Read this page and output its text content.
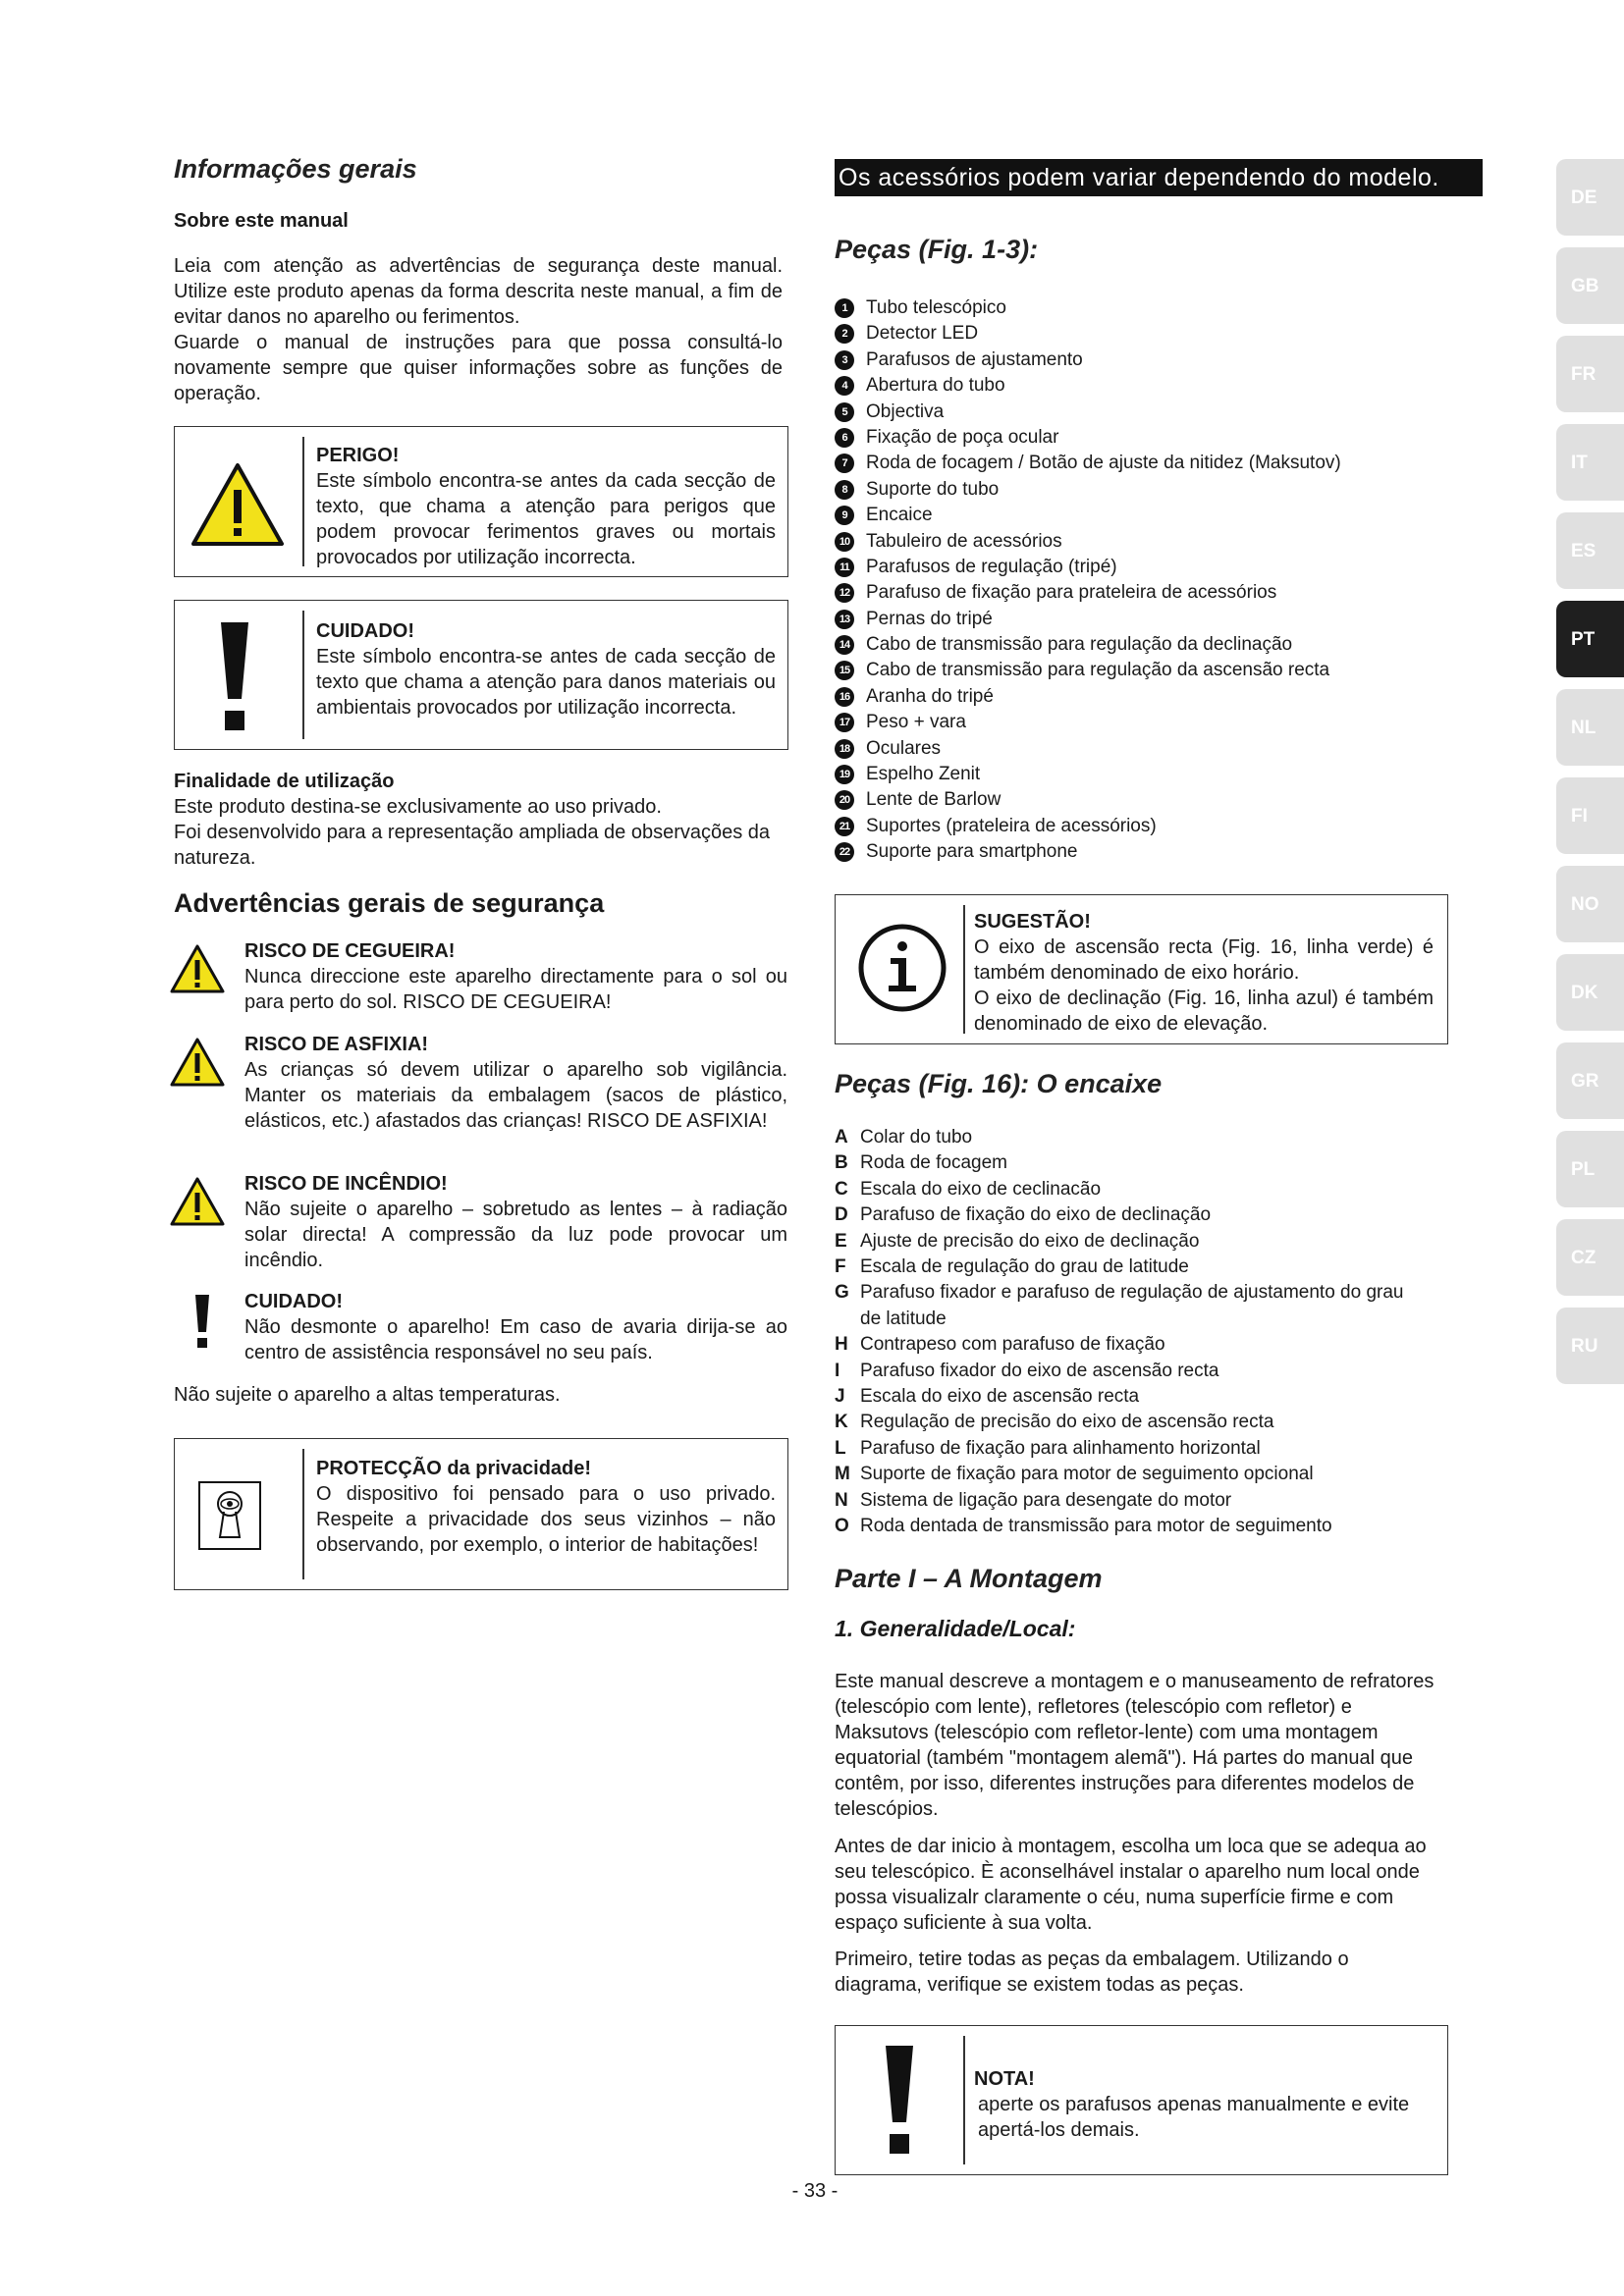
Informações gerais
Sobre este manual

Leia com atenção as advertências de segurança deste manual. Utilize este produto apenas da forma descrita neste manual, a fim de evitar danos no aparelho ou ferimentos.

Guarde o manual de instruções para que possa consultá-lo novamente sempre que quiser informações sobre as funções de operação.

PERIGO!
Este símbolo encontra-se antes da cada secção de texto, que chama a atenção para perigos que podem provocar ferimentos graves ou mortais provocados por utilização incorrecta.
CUIDADO!
Este símbolo encontra-se antes de cada secção de texto que chama a atenção para danos materiais ou ambientais provocados por utilização incorrecta.
Finalidade de utilização

Este produto destina-se exclusivamente ao uso privado.

Foi desenvolvido para a representação ampliada de observações da natureza.

Advertências gerais de segurança
RISCO DE CEGUEIRA!
Nunca direccione este aparelho directamente para o sol ou para perto do sol. RISCO DE CEGUEIRA!
RISCO DE ASFIXIA!
As crianças só devem utilizar o aparelho sob vigilância. Manter os materiais da embalagem (sacos de plástico, elásticos, etc.) afastados das crianças! RISCO DE ASFIXIA!
RISCO DE INCÊNDIO!
Não sujeite o aparelho – sobretudo as lentes – à radiação solar directa! A compressão da luz pode provocar um incêndio.
CUIDADO!
Não desmonte o aparelho! Em caso de avaria dirija-se ao centro de assistência responsável no seu país.

Não sujeite o aparelho a altas temperaturas.

PROTECÇÃO da privacidade!
O dispositivo foi pensado para o uso privado. Respeite a privacidade dos seus vizinhos – não observando, por exemplo, o interior de habitações!
Os acessórios podem variar dependendo do modelo.
Peças (Fig. 1-3):
1	Tubo telescópico
2	Detector LED
3	Parafusos de ajustamento
4	Abertura do tubo
5	Objectiva
6	Fixação de poça ocular
7	Roda de focagem / Botão de ajuste da nitidez (Maksutov)
8	Suporte do tubo
9	Encaice
10 Tabuleiro de acessórios
11 Parafusos de regulação (tripé)
12 Parafuso de fixação para prateleira de acessórios
13 Pernas do tripé
14 Cabo de transmissão para regulação da declinação
15 Cabo de transmissão para regulação da ascensão recta
16 Aranha do tripé
17 Peso + vara
18 Oculares
19 Espelho Zenit
20 Lente de Barlow
21 Suportes (prateleira de acessórios)
22 Suporte para smartphone
SUGESTÃO!
O eixo de ascensão recta (Fig. 16, linha verde) é também denominado de eixo horário.
O eixo de declinação (Fig. 16, linha azul) é também denominado de eixo de elevação.
Peças (Fig. 16): O encaixe
A Colar do tubo
B Roda de focagem
C Escala do eixo de ceclinacão
D Parafuso de fixação do eixo de declinação
E Ajuste de precisão do eixo de declinação
F Escala de regulação do grau de latitude
G Parafuso fixador e parafuso de regulação de ajustamento do grau de latitude
H Contrapeso com parafuso de fixação
I Parafuso fixador do eixo de ascensão recta
J Escala do eixo de ascensão recta
K Regulação de precisão do eixo de ascensão recta
L Parafuso de fixação para alinhamento horizontal
M Suporte de fixação para motor de seguimento opcional
N Sistema de ligação para desengate do motor
O Roda dentada de transmissão para motor de seguimento
Parte I – A Montagem
1. Generalidade/Local:

Este manual descreve a montagem e o manuseamento de refratores (telescópio com lente), refletores (telescópio com refletor) e Maksutovs (telescópio com refletor-lente) com uma montagem equatorial (também "montagem alemã"). Há partes do manual que contêm, por isso, diferentes instruções para diferentes modelos de telescópios.

Antes de dar inicio à montagem, escolha um loca que se adequa ao seu telescópico. È aconselhável instalar o aparelho num local onde possa visualizalr claramente o céu, numa superfície firme e com espaço suficiente à sua volta.

Primeiro, tetire todas as peças da embalagem. Utilizando o diagrama, verifique se existem todas as peças.

NOTA!
aperte os parafusos apenas manualmente e evite apertá-los demais.
- 33 -
DE
GB
FR
IT
ES
PT
NL
FI
NO
DK
GR
PL
CZ
RU
